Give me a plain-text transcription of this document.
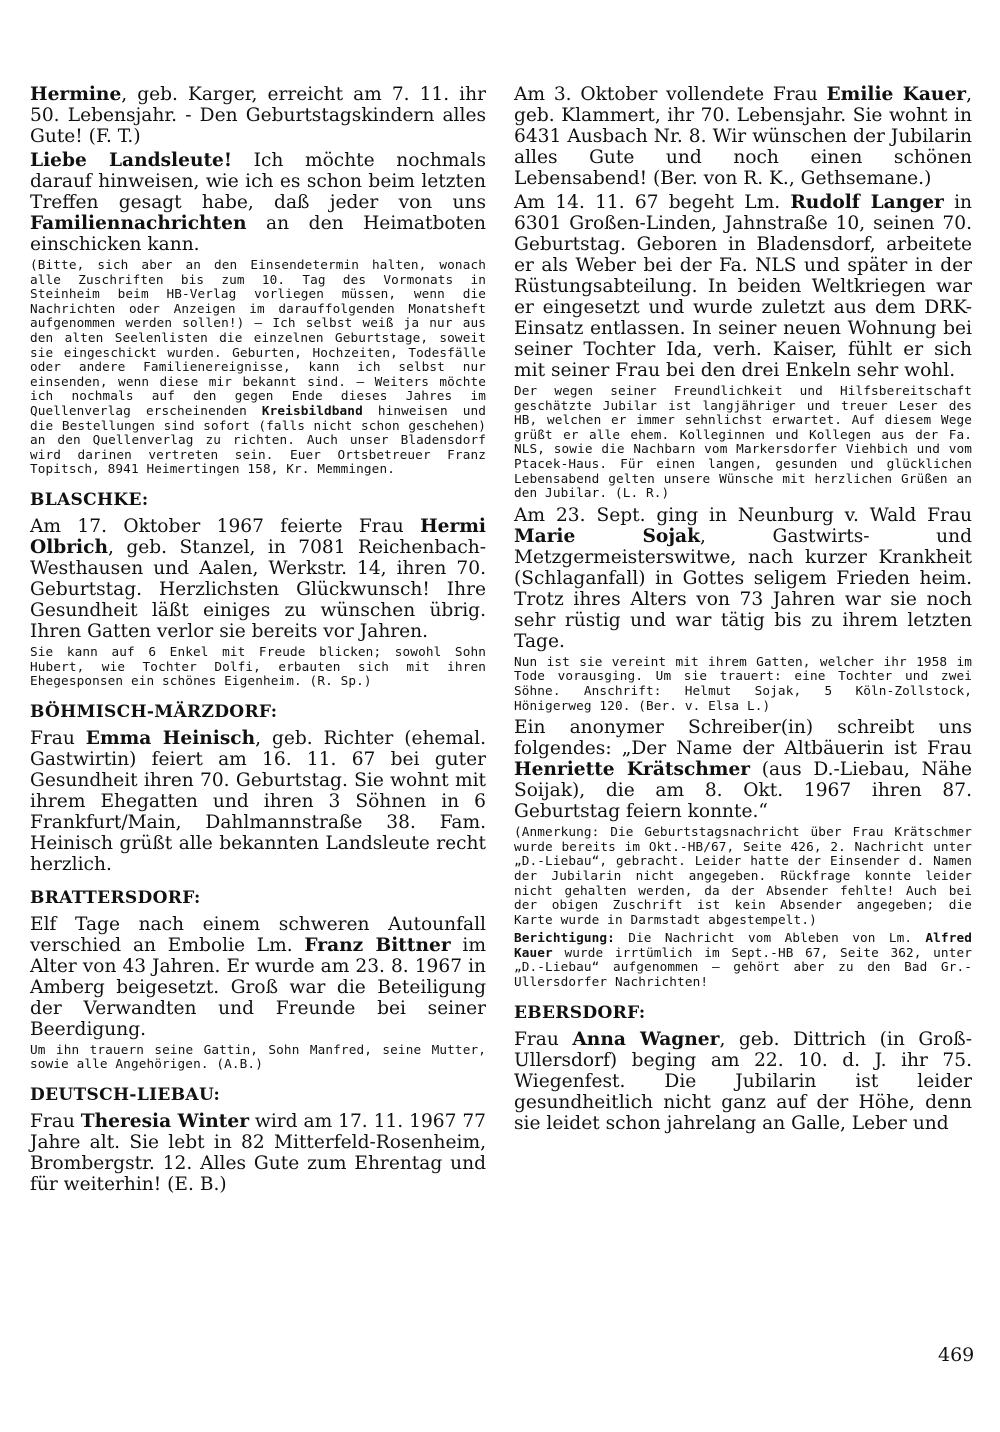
Hermine, geb. Karger, erreicht am 7. 11. ihr 50. Lebensjahr. - Den Geburtstagskindern alles Gute! (F. T.)

Liebe Landsleute! Ich möchte nochmals darauf hinweisen, wie ich es schon beim letzten Treffen gesagt habe, daß jeder von uns Familiennachrichten an den Heimatboten einschicken kann.

(Bitte, sich aber an den Einsendetermin halten, wonach alle Zuschriften bis zum 10. Tag des Vormonats in Steinheim beim HB-Verlag vorliegen müssen, wenn die Nachrichten oder Anzeigen im darauffolgenden Monatsheft aufgenommen werden sollen!) — Ich selbst weiß ja nur aus den alten Seelenlisten die einzelnen Geburtstage, soweit sie eingeschickt wurden. Geburten, Hochzeiten, Todesfälle oder andere Familienereignisse, kann ich selbst nur einsenden, wenn diese mir bekannt sind. — Weiters möchte ich nochmals auf den gegen Ende dieses Jahres im Quellenverlag erscheinenden Kreisbildband hinweisen und die Bestellungen sind sofort (falls nicht schon geschehen) an den Quellenverlag zu richten. Auch unser Bladensdorf wird darinen vertreten sein. Euer Ortsbetreuer Franz Topitsch, 8941 Heimertingen 158, Kr. Memmingen.

BLASCHKE:

Am 17. Oktober 1967 feierte Frau Hermi Olbrich, geb. Stanzel, in 7081 Reichenbach-Westhausen und Aalen, Werkstr. 14, ihren 70. Geburtstag. Herzlichsten Glückwunsch! Ihre Gesundheit läßt einiges zu wünschen übrig. Ihren Gatten verlor sie bereits vor Jahren.

Sie kann auf 6 Enkel mit Freude blicken; sowohl Sohn Hubert, wie Tochter Dolfi, erbauten sich mit ihren Ehegesponsen ein schönes Eigenheim. (R. Sp.)

BÖHMISCH-MÄRZDORF:

Frau Emma Heinisch, geb. Richter (ehemal. Gastwirtin) feiert am 16. 11. 67 bei guter Gesundheit ihren 70. Geburtstag. Sie wohnt mit ihrem Ehegatten und ihren 3 Söhnen in 6 Frankfurt/Main, Dahlmannstraße 38. Fam. Heinisch grüßt alle bekannten Landsleute recht herzlich.

BRATTERSDORF:

Elf Tage nach einem schweren Autounfall verschied an Embolie Lm. Franz Bittner im Alter von 43 Jahren. Er wurde am 23. 8. 1967 in Amberg beigesetzt. Groß war die Beteiligung der Verwandten und Freunde bei seiner Beerdigung.

Um ihn trauern seine Gattin, Sohn Manfred, seine Mutter, sowie alle Angehörigen. (A.B.)

DEUTSCH-LIEBAU:

Frau Theresia Winter wird am 17. 11. 1967 77 Jahre alt. Sie lebt in 82 Mitterfeld-Rosenheim, Brombergstr. 12. Alles Gute zum Ehrentag und für weiterhin! (E. B.)

Am 3. Oktober vollendete Frau Emilie Kauer, geb. Klammert, ihr 70. Lebensjahr. Sie wohnt in 6431 Ausbach Nr. 8. Wir wünschen der Jubilarin alles Gute und noch einen schönen Lebensabend! (Ber. von R. K., Gethsemane.)

Am 14. 11. 67 begeht Lm. Rudolf Langer in 6301 Großen-Linden, Jahnstraße 10, seinen 70. Geburtstag. Geboren in Bladensdorf, arbeitete er als Weber bei der Fa. NLS und später in der Rüstungsabteilung. In beiden Weltkriegen war er eingesetzt und wurde zuletzt aus dem DRK-Einsatz entlassen. In seiner neuen Wohnung bei seiner Tochter Ida, verh. Kaiser, fühlt er sich mit seiner Frau bei den drei Enkeln sehr wohl.

Der wegen seiner Freundlichkeit und Hilfsbereitschaft geschätzte Jubilar ist langjähriger und treuer Leser des HB, welchen er immer sehnlichst erwartet. Auf diesem Wege grüßt er alle ehem. Kolleginnen und Kollegen aus der Fa. NLS, sowie die Nachbarn vom Markersdorfer Viehbich und vom Ptacek-Haus. Für einen langen, gesunden und glücklichen Lebensabend gelten unsere Wünsche mit herzlichen Grüßen an den Jubilar. (L. R.)

Am 23. Sept. ging in Neunburg v. Wald Frau Marie Sojak, Gastwirts- und Metzgermeisterswitwe, nach kurzer Krankheit (Schlaganfall) in Gottes seligem Frieden heim. Trotz ihres Alters von 73 Jahren war sie noch sehr rüstig und war tätig bis zu ihrem letzten Tage.

Nun ist sie vereint mit ihrem Gatten, welcher ihr 1958 im Tode vorausging. Um sie trauert: eine Tochter und zwei Söhne. Anschrift: Helmut Sojak, 5 Köln-Zollstock, Hönigerweg 120. (Ber. v. Elsa L.)

Ein anonymer Schreiber(in) schreibt uns folgendes: „Der Name der Altbäuerin ist Frau Henriette Krätschmer (aus D.-Liebau, Nähe Soijak), die am 8. Okt. 1967 ihren 87. Geburtstag feiern konnte.“

(Anmerkung: Die Geburtstagsnachricht über Frau Krätschmer wurde bereits im Okt.-HB/67, Seite 426, 2. Nachricht unter „D.-Liebau“, gebracht. Leider hatte der Einsender d. Namen der Jubilarin nicht angegeben. Rückfrage konnte leider nicht gehalten werden, da der Absender fehlte! Auch bei der obigen Zuschrift ist kein Absender angegeben; die Karte wurde in Darmstadt abgestempelt.)

Berichtigung: Die Nachricht vom Ableben von Lm. Alfred Kauer wurde irrtümlich im Sept.-HB 67, Seite 362, unter „D.-Liebau“ aufgenommen — gehört aber zu den Bad Gr.-Ullersdorfer Nachrichten!

EBERSDORF:

Frau Anna Wagner, geb. Dittrich (in Groß-Ullersdorf) beging am 22. 10. d. J. ihr 75. Wiegenfest. Die Jubilarin ist leider gesundheitlich nicht ganz auf der Höhe, denn sie leidet schon jahrelang an Galle, Leber und

469
